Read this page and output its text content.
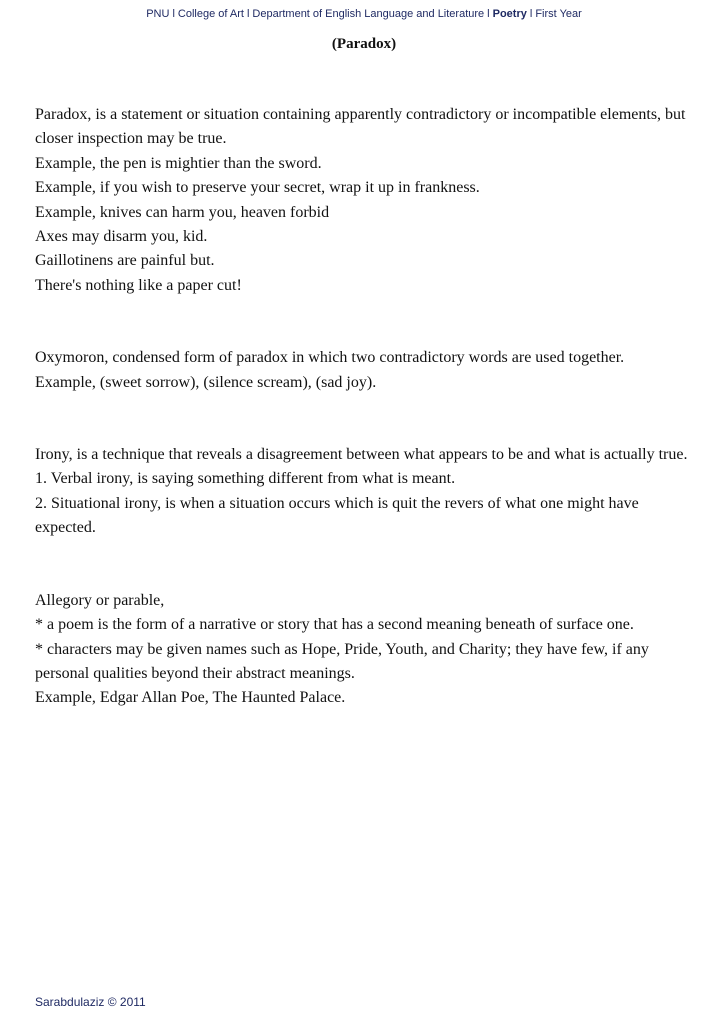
PNU l College of Art l Department of English Language and Literature l Poetry l First Year
(Paradox)

Paradox, is a statement or situation containing apparently contradictory or incompatible elements, but closer inspection may be true.

Example, the pen is mightier than the sword.

Example, if you wish to preserve your secret, wrap it up in frankness.

Example, knives can harm you, heaven forbid

Axes may disarm you, kid.

Gaillotinens are painful but.

There's nothing like a paper cut!

Oxymoron, condensed form of paradox in which two contradictory words are used together.

Example, (sweet sorrow), (silence scream), (sad joy).

Irony, is a technique that reveals a disagreement between what appears to be and what is actually true.

1. Verbal irony, is saying something different from what is meant.

2. Situational irony, is when a situation occurs which is quit the revers of what one might have expected.

Allegory or parable,

* a poem is the form of a narrative or story that has a second meaning beneath of surface one.

* characters may be given names such as Hope, Pride, Youth, and Charity; they have few, if any personal qualities beyond their abstract meanings.

Example, Edgar Allan Poe, The Haunted Palace.

Sarabdulaziz © 2011
